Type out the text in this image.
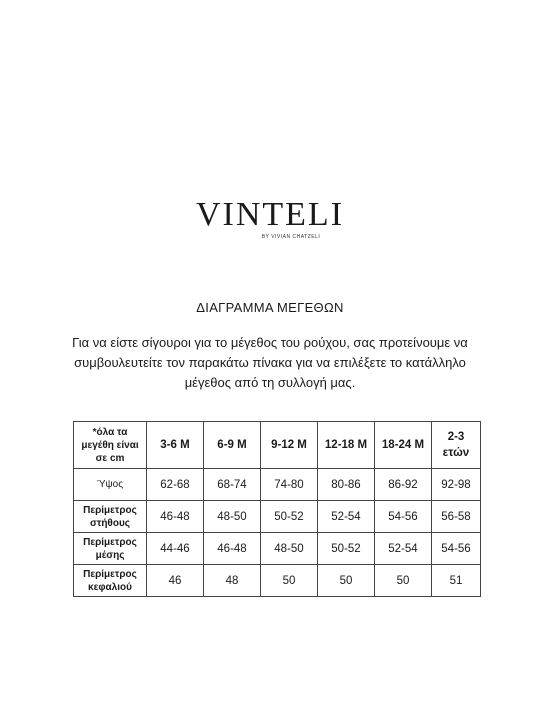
VINTELI
BY VIVIAN CHATZELI
ΔΙΑΓΡΑΜΜΑ ΜΕΓΕΘΩΝ
Για να είστε σίγουροι για το μέγεθος του ρούχου, σας προτείνουμε να συμβουλευτείτε τον παρακάτω πίνακα για να επιλέξετε το κατάλληλο μέγεθος από τη συλλογή μας.
*όλα τα μεγέθη είναι σε cm	3-6 M	6-9 M	9-12 M	12-18 M	18-24 M	2-3 ετών
Ύψος	62-68	68-74	74-80	80-86	86-92	92-98
Περίμετρος στήθους	46-48	48-50	50-52	52-54	54-56	56-58
Περίμετρος μέσης	44-46	46-48	48-50	50-52	52-54	54-56
Περίμετρος κεφαλιού	46	48	50	50	50	51
